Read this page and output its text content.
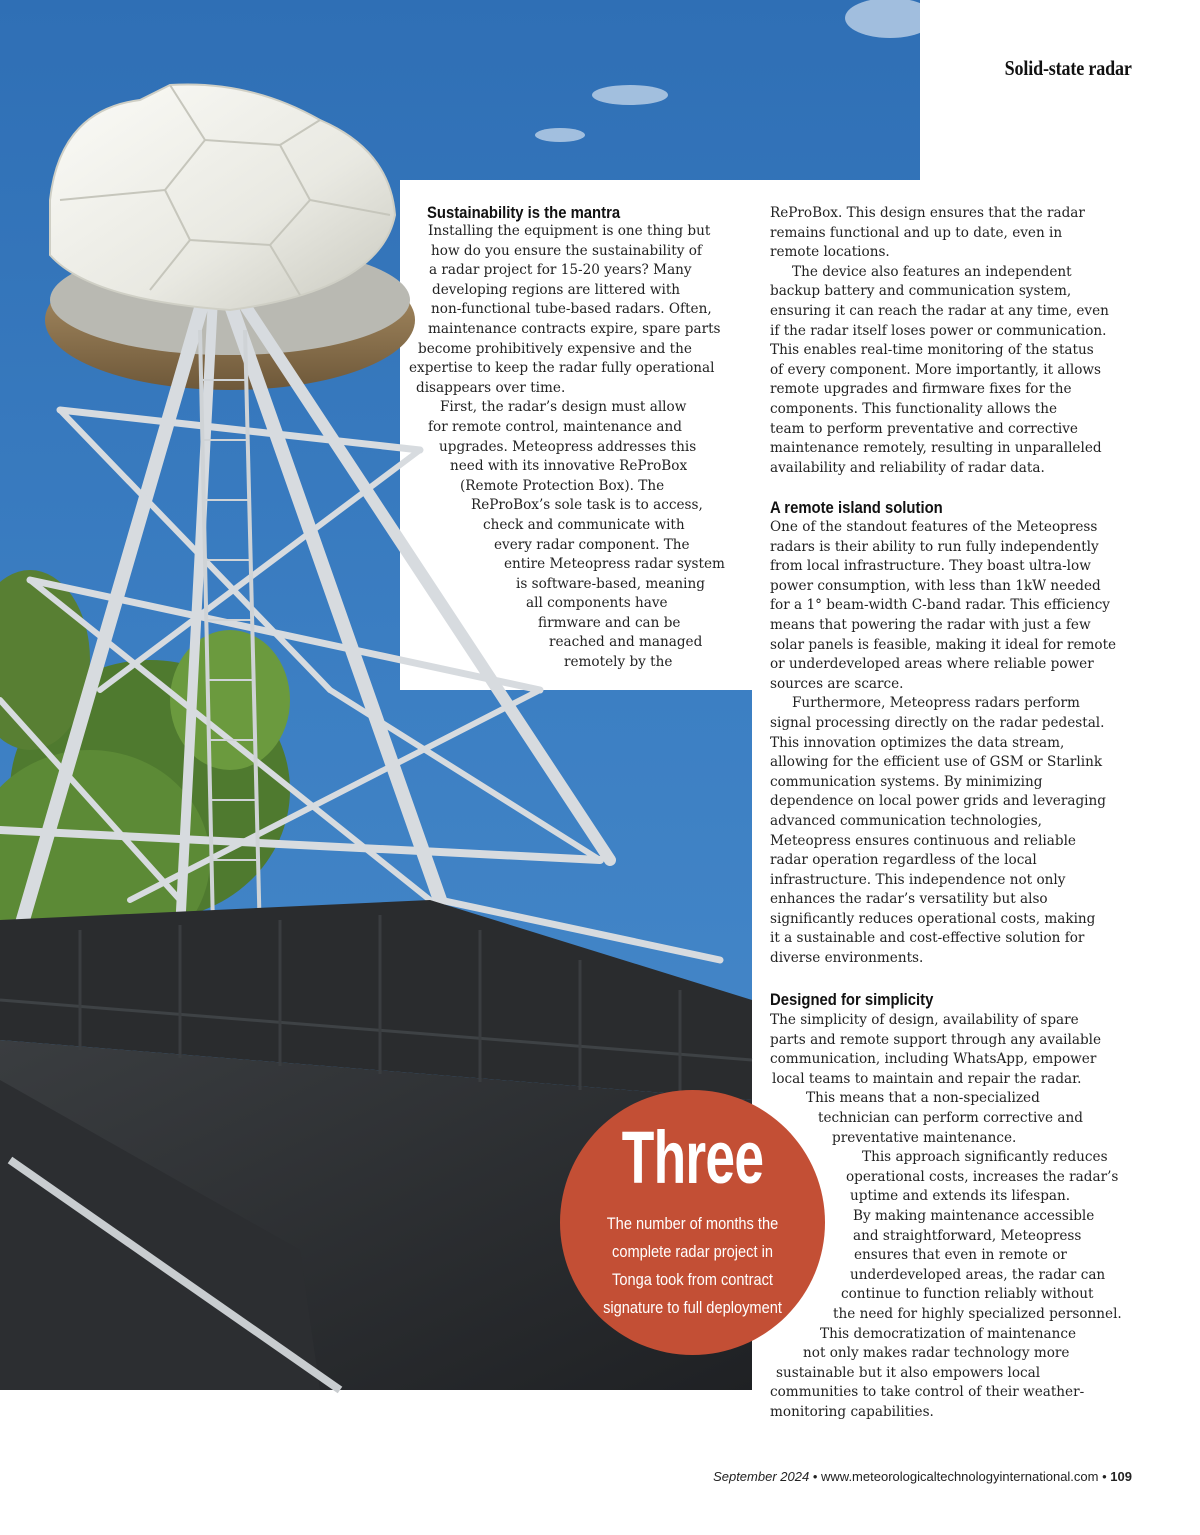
Solid-state radar
Sustainability is the mantra
Installing the equipment is one thing but
how do you ensure the sustainability of
a radar project for 15-20 years? Many
developing regions are littered with
non-functional tube-based radars. Often,
maintenance contracts expire, spare parts
become prohibitively expensive and the
expertise to keep the radar fully operational
disappears over time.
First, the radar’s design must allow
for remote control, maintenance and
upgrades. Meteopress addresses this
need with its innovative ReProBox
(Remote Protection Box). The
ReProBox’s sole task is to access,
check and communicate with
every radar component. The
entire Meteopress radar system
is software-based, meaning
all components have
firmware and can be
reached and managed
remotely by the
ReProBox. This design ensures that the radar
remains functional and up to date, even in
remote locations.
The device also features an independent
backup battery and communication system,
ensuring it can reach the radar at any time, even
if the radar itself loses power or communication.
This enables real-time monitoring of the status
of every component. More importantly, it allows
remote upgrades and firmware fixes for the
components. This functionality allows the
team to perform preventative and corrective
maintenance remotely, resulting in unparalleled
availability and reliability of radar data.
A remote island solution
One of the standout features of the Meteopress
radars is their ability to run fully independently
from local infrastructure. They boast ultra-low
power consumption, with less than 1kW needed
for a 1° beam-width C-band radar. This efficiency
means that powering the radar with just a few
solar panels is feasible, making it ideal for remote
or underdeveloped areas where reliable power
sources are scarce.
Furthermore, Meteopress radars perform
signal processing directly on the radar pedestal.
This innovation optimizes the data stream,
allowing for the efficient use of GSM or Starlink
communication systems. By minimizing
dependence on local power grids and leveraging
advanced communication technologies,
Meteopress ensures continuous and reliable
radar operation regardless of the local
infrastructure. This independence not only
enhances the radar’s versatility but also
significantly reduces operational costs, making
it a sustainable and cost-effective solution for
diverse environments.
Designed for simplicity
The simplicity of design, availability of spare
parts and remote support through any available
communication, including WhatsApp, empower
local teams to maintain and repair the radar.
This means that a non-specialized
technician can perform corrective and
preventative maintenance.
This approach significantly reduces
operational costs, increases the radar’s
uptime and extends its lifespan.
By making maintenance accessible
and straightforward, Meteopress
ensures that even in remote or
underdeveloped areas, the radar can
continue to function reliably without
the need for highly specialized personnel.
This democratization of maintenance
not only makes radar technology more
sustainable but it also empowers local
communities to take control of their weather-
monitoring capabilities.
Three
The number of months the
complete radar project in
Tonga took from contract
signature to full deployment
September 2024 • www.meteorologicaltechnologyinternational.com • 109
